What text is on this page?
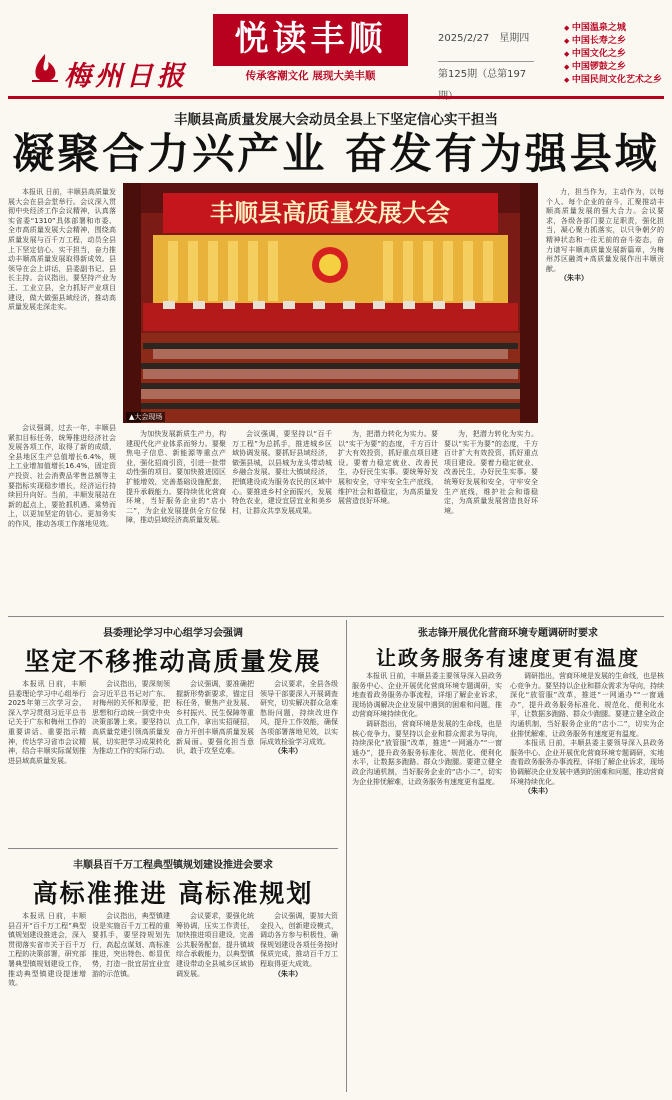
梅州日报
悦读丰顺
传承客潮文化 展现大美丰顺
2025/2/27　 星期四
第125期（总第197
◆ 中国温泉之城
◆ 中国长寿之乡
◆ 中国文化之乡
◆ 中国锣鼓之乡
◆ 中国民间文化艺术之乡
丰顺县高质量发展大会动员全县上下坚定信心实干担当
凝聚合力兴产业 奋发有为强县域

本报讯 日前，丰顺县高质量发展大会在县会堂举行。会议深入贯彻中央经济工作会议精神，认真落实省委“1310”具体部署和市委、全市高质量发展大会精神，围绕高质量发展与百千万工程，动员全县上下坚定信心、实干担当，奋力推动丰顺高质量发展取得新成效。县领导在会上讲话，县委副书记、县长主持。会议指出，要坚持产业为王、工业立县，全力抓好产业项目建设，做大做强县域经济，推动高质量发展走深走实。

会议强调，过去一年，丰顺县紧扣目标任务，统筹推进经济社会发展各项工作，取得了新的成绩，全县地区生产总值增长6.4%，规上工业增加值增长16.4%，固定资产投资、社会消费品零售总额等主要指标实现稳步增长，经济运行持续回升向好。当前，丰顺发展站在新的起点上，要抢抓机遇、乘势而上，以更加坚定的信心、更加务实的作风，推动各项工作落地见效。

丰顺县高质量发展大会
▲大会现场

为加快发展新质生产力，构建现代化产业体系而努力。要聚焦电子信息、新能源等重点产业，强化招商引资，引进一批带动性强的项目。要加快推进园区扩能增效，完善基础设施配套，提升承载能力。要持续优化营商环境，当好服务企业的“店小二”，为企业发展提供全方位保障，推动县域经济高质量发展。

会议强调，要坚持以“百千万工程”为总抓手，推进城乡区域协调发展。要抓好县域经济，做强县城，以县城为龙头带动城乡融合发展。要壮大镇域经济，把镇建设成为服务农民的区域中心。要推进乡村全面振兴，发展特色农业，建设宜居宜业和美乡村，让群众共享发展成果。

为，把潜力转化为实力。要以“实干为要”的态度，千方百计扩大有效投资，抓好重点项目建设。要着力稳定就业、改善民生，办好民生实事。要统筹好发展和安全，守牢安全生产底线，维护社会和谐稳定，为高质量发展营造良好环境。

为，把潜力转化为实力。要以“实干为要”的态度，千方百计扩大有效投资，抓好重点项目建设。要着力稳定就业、改善民生，办好民生实事。要统筹好发展和安全，守牢安全生产底线，维护社会和谐稳定，为高质量发展营造良好环境。

力，担当作为，主动作为，以每个人、每个企业的奋斗，汇聚推动丰顺高质量发展的强大合力。会议要求，各级各部门要立足职责，强化担当，凝心聚力抓落实，以只争朝夕的精神状态和一往无前的奋斗姿态，奋力谱写丰顺高质量发展新篇章，为梅州苏区融湾+高质量发展作出丰顺贡献。

（朱丰）

县委理论学习中心组学习会强调
坚定不移推动高质量发展

本报讯 日前，丰顺县委理论学习中心组举行2025年第三次学习会，深入学习贯彻习近平总书记关于广东和梅州工作的重要讲话、重要指示精神，传达学习省市会议精神，结合丰顺实际谋划推进县域高质量发展。

会议指出，要深刻领会习近平总书记对广东、对梅州的关怀和厚爱，把思想和行动统一到党中央决策部署上来。要坚持以高质量党建引领高质量发展，切实把学习成果转化为推动工作的实际行动。

会议强调，要准确把握新形势新要求，锚定目标任务，聚焦产业发展、乡村振兴、民生保障等重点工作，拿出实招硬招，奋力开创丰顺高质量发展新局面。要强化担当意识，敢于攻坚克难。

会议要求，全县各级领导干部要深入开展调查研究，切实解决群众急难愁盼问题，持续改进作风，提升工作效能，确保各项部署落地见效，以实际成效检验学习成效。

（朱丰）

张志锋开展优化营商环境专题调研时要求
让政务服务有速度更有温度

本报讯 日前，丰顺县委主要领导深入县政务服务中心、企业开展优化营商环境专题调研，实地查看政务服务办事流程，详细了解企业诉求，现场协调解决企业发展中遇到的困难和问题，推动营商环境持续优化。

调研指出，营商环境是发展的生命线，也是核心竞争力。要坚持以企业和群众需求为导向，持续深化“放管服”改革，推进“一网通办”“一窗通办”，提升政务服务标准化、规范化、便利化水平，让数据多跑路、群众少跑腿。要建立健全政企沟通机制，当好服务企业的“店小二”，切实为企业排忧解难，让政务服务有速度更有温度。

调研指出，营商环境是发展的生命线，也是核心竞争力。要坚持以企业和群众需求为导向，持续深化“放管服”改革，推进“一网通办”“一窗通办”，提升政务服务标准化、规范化、便利化水平，让数据多跑路、群众少跑腿。要建立健全政企沟通机制，当好服务企业的“店小二”，切实为企业排忧解难，让政务服务有速度更有温度。

本报讯 日前，丰顺县委主要领导深入县政务服务中心、企业开展优化营商环境专题调研，实地查看政务服务办事流程，详细了解企业诉求，现场协调解决企业发展中遇到的困难和问题，推动营商环境持续优化。

（朱丰）

丰顺县百千万工程典型镇规划建设推进会要求
高标准推进 高标准规划

本报讯 日前，丰顺县召开“百千万工程”典型镇规划建设推进会，深入贯彻落实省市关于百千万工程的决策部署，研究部署典型镇规划建设工作，推动典型镇建设提速增效。

会议指出，典型镇建设是实施百千万工程的重要抓手，要坚持规划先行，高起点谋划、高标准推进，突出特色、彰显优势，打造一批宜居宜业宜游的示范镇。

会议要求，要强化统筹协调，压实工作责任，加快推进项目建设，完善公共服务配套，提升镇域综合承载能力，以典型镇建设带动全县城乡区域协调发展。

会议强调，要加大资金投入，创新建设模式，调动各方参与积极性，确保规划建设各项任务按时保质完成，推动百千万工程取得更大成效。

（朱丰）
